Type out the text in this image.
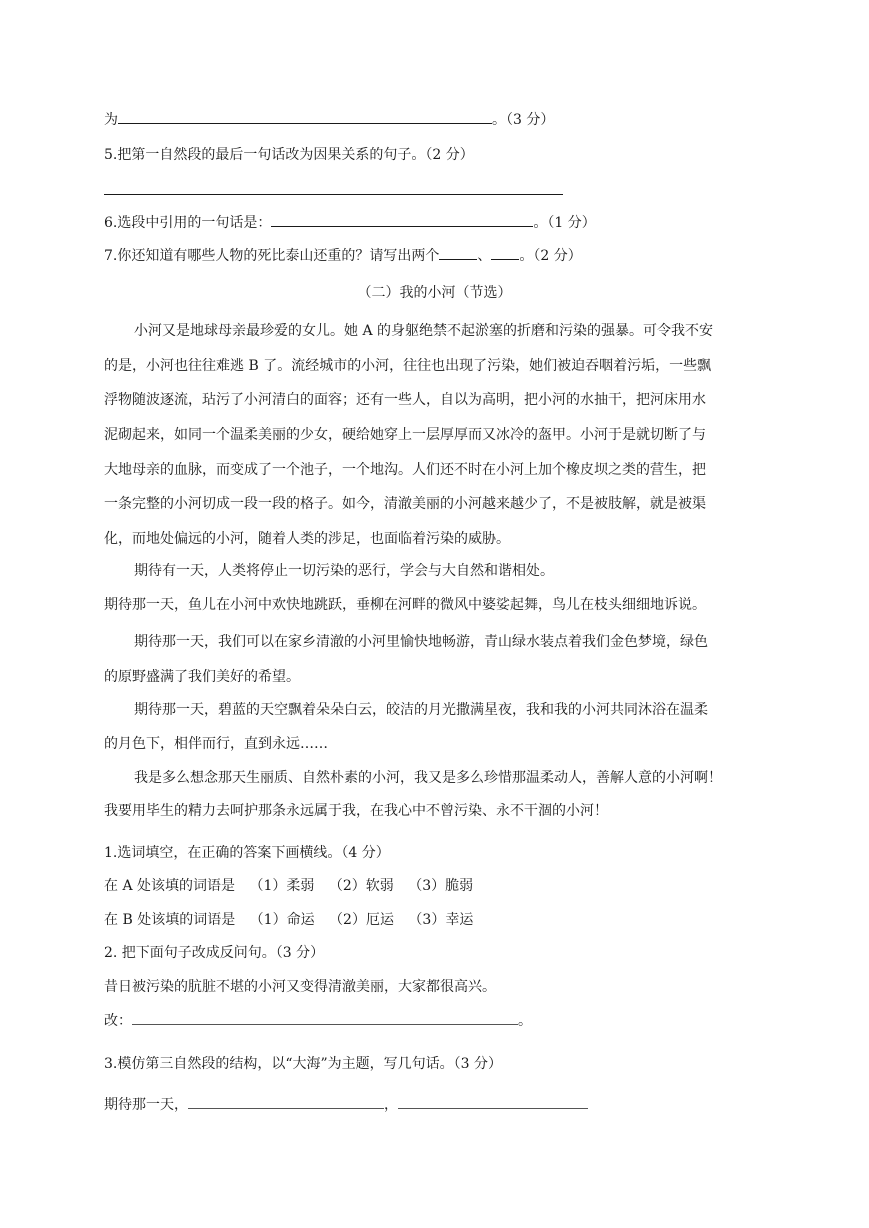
为	。（3 分）
5.把第一自然段的最后一句话改为因果关系的句子。（2 分）
6.选段中引用的一句话是：	。（1 分）
7.你还知道有哪些人物的死比泰山还重的？请写出两个	、 。（2 分）
（二）我的小河（节选）
小河又是地球母亲最珍爱的女儿。她 A 的身躯绝禁不起淤塞的折磨和污染的强暴。可令我不安
的是，小河也往往难逃 B 了。流经城市的小河，往往也出现了污染，她们被迫吞咽着污垢，一些飘
浮物随波逐流，玷污了小河清白的面容；还有一些人，自以为高明，把小河的水抽干，把河床用水
泥砌起来，如同一个温柔美丽的少女，硬给她穿上一层厚厚而又冰冷的盔甲。小河于是就切断了与
大地母亲的血脉，而变成了一个池子，一个地沟。人们还不时在小河上加个橡皮坝之类的营生，把
一条完整的小河切成一段一段的格子。如今，清澈美丽的小河越来越少了，不是被肢解，就是被渠
化，而地处偏远的小河，随着人类的涉足，也面临着污染的威胁。
期待有一天，人类将停止一切污染的恶行，学会与大自然和谐相处。
期待那一天，鱼儿在小河中欢快地跳跃，垂柳在河畔的微风中婆娑起舞，鸟儿在枝头细细地诉说。
期待那一天，我们可以在家乡清澈的小河里愉快地畅游，青山绿水装点着我们金色梦境，绿色
的原野盛满了我们美好的希望。
期待那一天，碧蓝的天空飘着朵朵白云，皎洁的月光撒满星夜，我和我的小河共同沐浴在温柔
的月色下，相伴而行，直到永远……
我是多么想念那天生丽质、自然朴素的小河，我又是多么珍惜那温柔动人，善解人意的小河啊！
我要用毕生的精力去呵护那条永远属于我，在我心中不曾污染、永不干涸的小河！
1.选词填空，在正确的答案下画横线。（4 分）
在 A 处该填的词语是 （1）柔弱 （2）软弱 （3）脆弱
在 B 处该填的词语是 （1）命运 （2）厄运 （3）幸运
2. 把下面句子改成反问句。（3 分）
昔日被污染的肮脏不堪的小河又变得清澈美丽，大家都很高兴。
改：	。
3.模仿第三自然段的结构，以“大海”为主题，写几句话。（3 分）
期待那一天，	，
